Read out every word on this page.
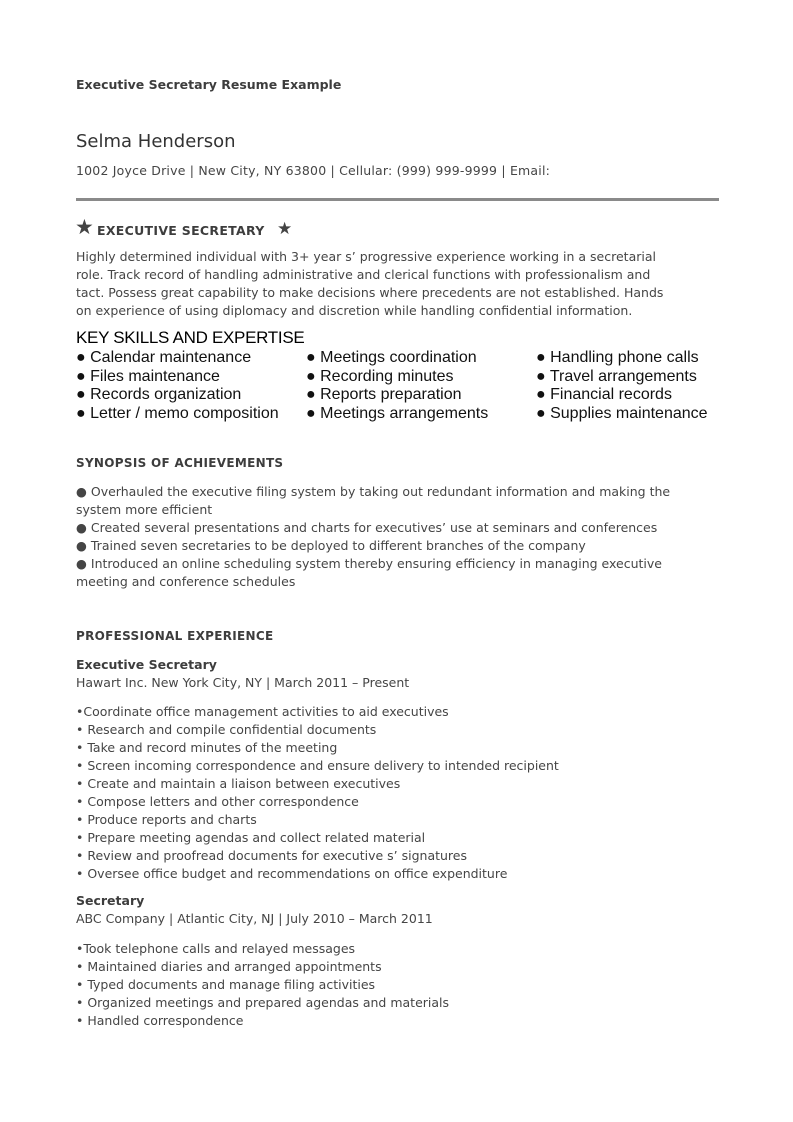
Executive Secretary Resume Example
Selma Henderson
1002 Joyce Drive | New City, NY 63800 | Cellular: (999) 999-9999 | Email:
★ EXECUTIVE SECRETARY ★
Highly determined individual with 3+ year s’ progressive experience working in a secretarial
role. Track record of handling administrative and clerical functions with professionalism and
tact. Possess great capability to make decisions where precedents are not established. Hands
on experience of using diplomacy and discretion while handling confidential information.
KEY SKILLS AND EXPERTISE
● Calendar maintenance
● Files maintenance
● Records organization
● Letter / memo composition
● Meetings coordination
● Recording minutes
● Reports preparation
● Meetings arrangements
● Handling phone calls
● Travel arrangements
● Financial records
● Supplies maintenance
SYNOPSIS OF ACHIEVEMENTS
● Overhauled the executive filing system by taking out redundant information and making the
system more efficient
● Created several presentations and charts for executives’ use at seminars and conferences
● Trained seven secretaries to be deployed to different branches of the company
● Introduced an online scheduling system thereby ensuring efficiency in managing executive
meeting and conference schedules
PROFESSIONAL EXPERIENCE
Executive Secretary
Hawart Inc. New York City, NY | March 2011 – Present
•Coordinate office management activities to aid executives
• Research and compile confidential documents
• Take and record minutes of the meeting
• Screen incoming correspondence and ensure delivery to intended recipient
• Create and maintain a liaison between executives
• Compose letters and other correspondence
• Produce reports and charts
• Prepare meeting agendas and collect related material
• Review and proofread documents for executive s’ signatures
• Oversee office budget and recommendations on office expenditure
Secretary
ABC Company | Atlantic City, NJ | July 2010 – March 2011
•Took telephone calls and relayed messages
• Maintained diaries and arranged appointments
• Typed documents and manage filing activities
• Organized meetings and prepared agendas and materials
• Handled correspondence
